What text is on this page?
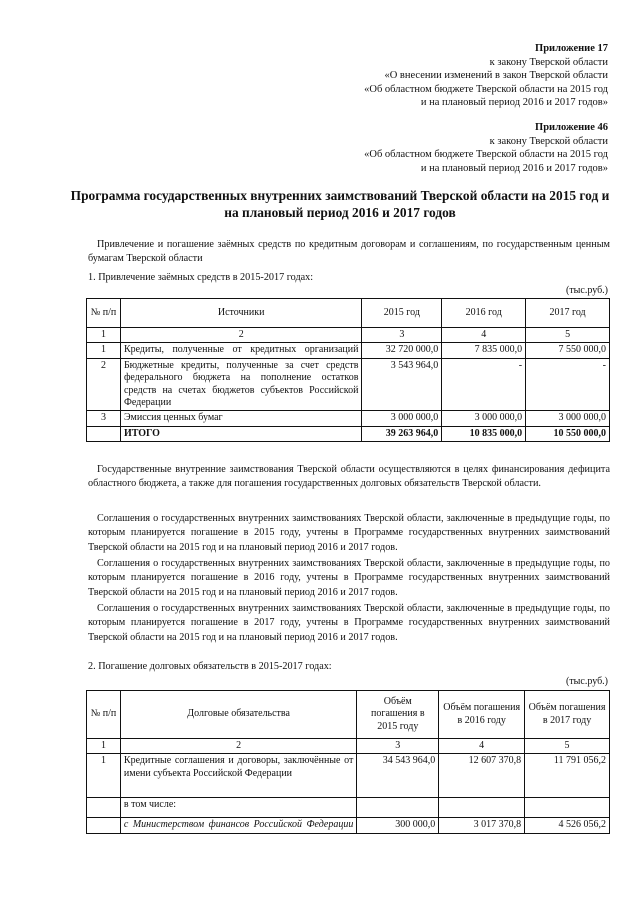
Приложение 17
к закону Тверской области
«О внесении изменений в закон Тверской области
«Об областном бюджете Тверской области на 2015 год
и на плановый период 2016 и 2017 годов»
Приложение 46
к закону Тверской области
«Об областном бюджете Тверской области на 2015 год
и на плановый период 2016 и 2017 годов»
Программа государственных внутренних заимствований Тверской области на 2015 год и
на плановый период 2016 и 2017 годов
Привлечение и погашение заёмных средств по кредитным договорам и соглашениям, по государственным ценным бумагам Тверской области
1. Привлечение заёмных средств в 2015-2017 годах:
(тыс.руб.)
№ п/п	Источники	2015 год	2016 год	2017 год
1	2	3	4	5
1	Кредиты, полученные от кредитных организаций	32 720 000,0	7 835 000,0	7 550 000,0
2	Бюджетные кредиты, полученные за счет средств федерального бюджета на пополнение остатков средств на счетах бюджетов субъектов Российской Федерации	3 543 964,0	-	-
3	Эмиссия ценных бумаг	3 000 000,0	3 000 000,0	3 000 000,0
	ИТОГО	39 263 964,0	10 835 000,0	10 550 000,0
Государственные внутренние заимствования Тверской области осуществляются в целях финансирования дефицита областного бюджета, а также для погашения государственных долговых обязательств Тверской области.
Соглашения о государственных внутренних заимствованиях Тверской области, заключенные в предыдущие годы, по которым планируется погашение в 2015 году, учтены в Программе государственных внутренних заимствований Тверской области на 2015 год и на плановый период 2016 и 2017 годов.
Соглашения о государственных внутренних заимствованиях Тверской области, заключенные в предыдущие годы, по которым планируется погашение в 2016 году, учтены в Программе государственных внутренних заимствований Тверской области на 2015 год и на плановый период 2016 и 2017 годов.
Соглашения о государственных внутренних заимствованиях Тверской области, заключенные в предыдущие годы, по которым планируется погашение в 2017 году, учтены в Программе государственных внутренних заимствований Тверской области на 2015 год и на плановый период 2016 и 2017 годов.
2. Погашение долговых обязательств в 2015-2017 годах:
(тыс.руб.)
№ п/п	Долговые обязательства	Объём погашения в 2015 году	Объём погашения в 2016 году	Объём погашения в 2017 году
1	2	3	4	5
1	Кредитные соглашения и договоры, заключённые от имени субъекта Российской Федерации	34 543 964,0	12 607 370,8	11 791 056,2
	в том числе:			
	с Министерством финансов Российской Федерации	300 000,0	3 017 370,8	4 526 056,2
